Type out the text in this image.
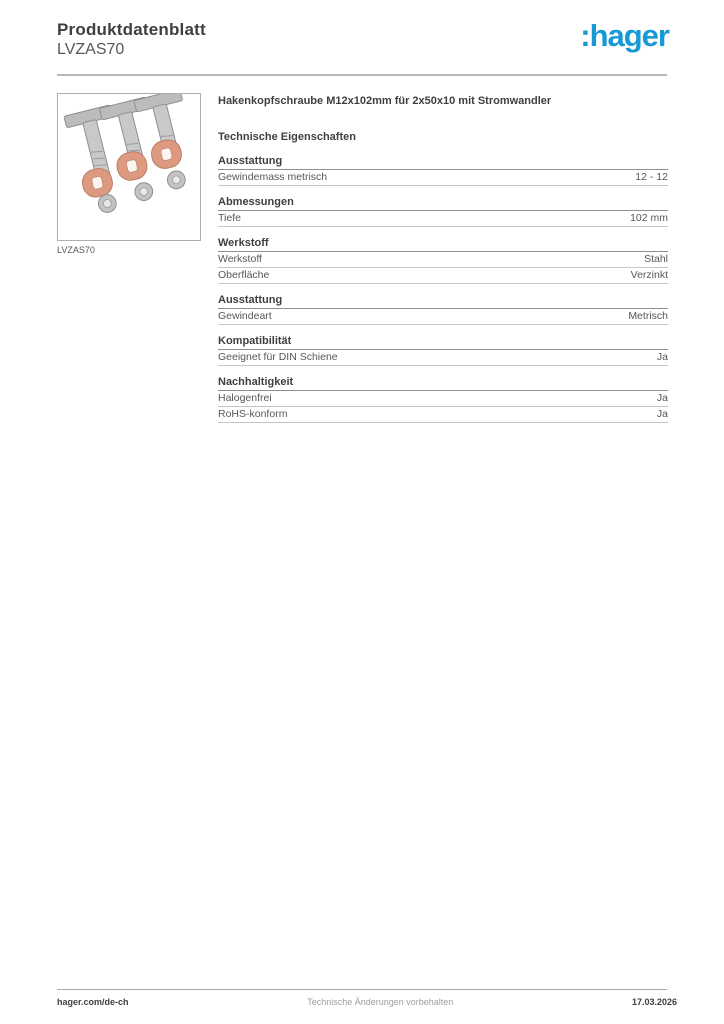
Produktdatenblatt
LVZAS70	:hager
LVZAS70
Hakenkopfschraube M12x102mm für 2x50x10 mit Stromwandler
Technische Eigenschaften
Ausstattung
Gewindemass metrisch	12 - 12
Abmessungen
Tiefe	102 mm
Werkstoff
Werkstoff	Stahl
Oberfläche	Verzinkt
Ausstattung
Gewindeart	Metrisch
Kompatibilität
Geeignet für DIN Schiene	Ja
Nachhaltigkeit
Halogenfrei	Ja
RoHS-konform	Ja
hager.com/de-ch	Technische Änderungen vorbehalten	17.03.2026
